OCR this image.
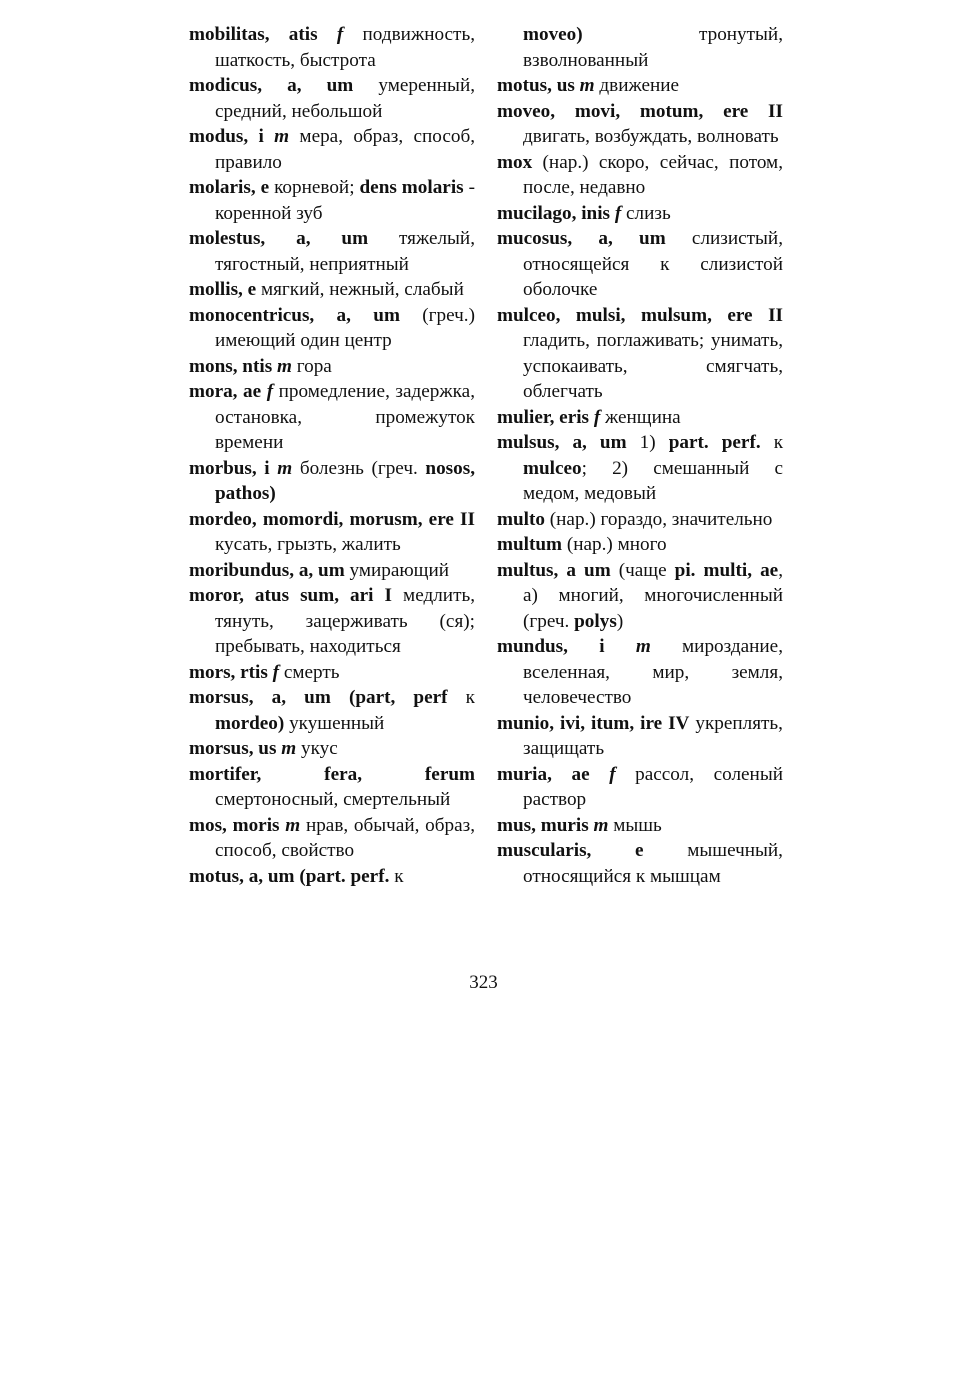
mobilitas, atis f подвижность, шаткость, быстрота

modicus, a, um умеренный, средний, небольшой

modus, i m мера, образ, способ, правило

molaris, e корневой; dens molaris - коренной зуб

molestus, a, um тяжелый, тягостный, неприятный

mollis, e мягкий, нежный, слабый

monocentricus, a, um (греч.) имеющий один центр

mons, ntis m гора

mora, ae f промедление, задержка, остановка, промежуток времени

morbus, i m болезнь (греч. nosos, pathos)

mordeo, momordi, morusm, ere II кусать, грызть, жалить

moribundus, a, um умирающий

moror, atus sum, ari I медлить, тянуть, зацерживать (ся); пребывать, находиться

mors, rtis f смерть

morsus, a, um (part, perf к mordeo) укушенный

morsus, us m укус

mortifer, fera, ferum смертоносный, смертельный

mos, moris m нрав, обычай, образ, способ, свойство

motus, a, um (part. perf. к

moveo) тронутый, взволнованный

motus, us m движение

moveo, movi, motum, ere II двигать, возбуждать, волновать

mox (нар.) скоро, сейчас, потом, после, недавно

mucilago, inis f слизь

mucosus, a, um слизистый, относящейся к слизистой оболочке

mulceo, mulsi, mulsum, ere II гладить, поглаживать; унимать, успокаивать, смягчать, облегчать

mulier, eris f женщина

mulsus, a, um 1) part. perf. к mulceo; 2) смешанный с медом, медовый

multo (нар.) гораздо, значительно

multum (нар.) много

multus, a um (чаще pi. multi, ae, а) многий, многочисленный (греч. polys)

mundus, i m мироздание, вселенная, мир, земля, человечество

munio, ivi, itum, ire IV укреплять, защищать

muria, ae f рассол, соленый раствор

mus, muris m мышь

muscularis, e мышечный, относящийся к мышцам

323
